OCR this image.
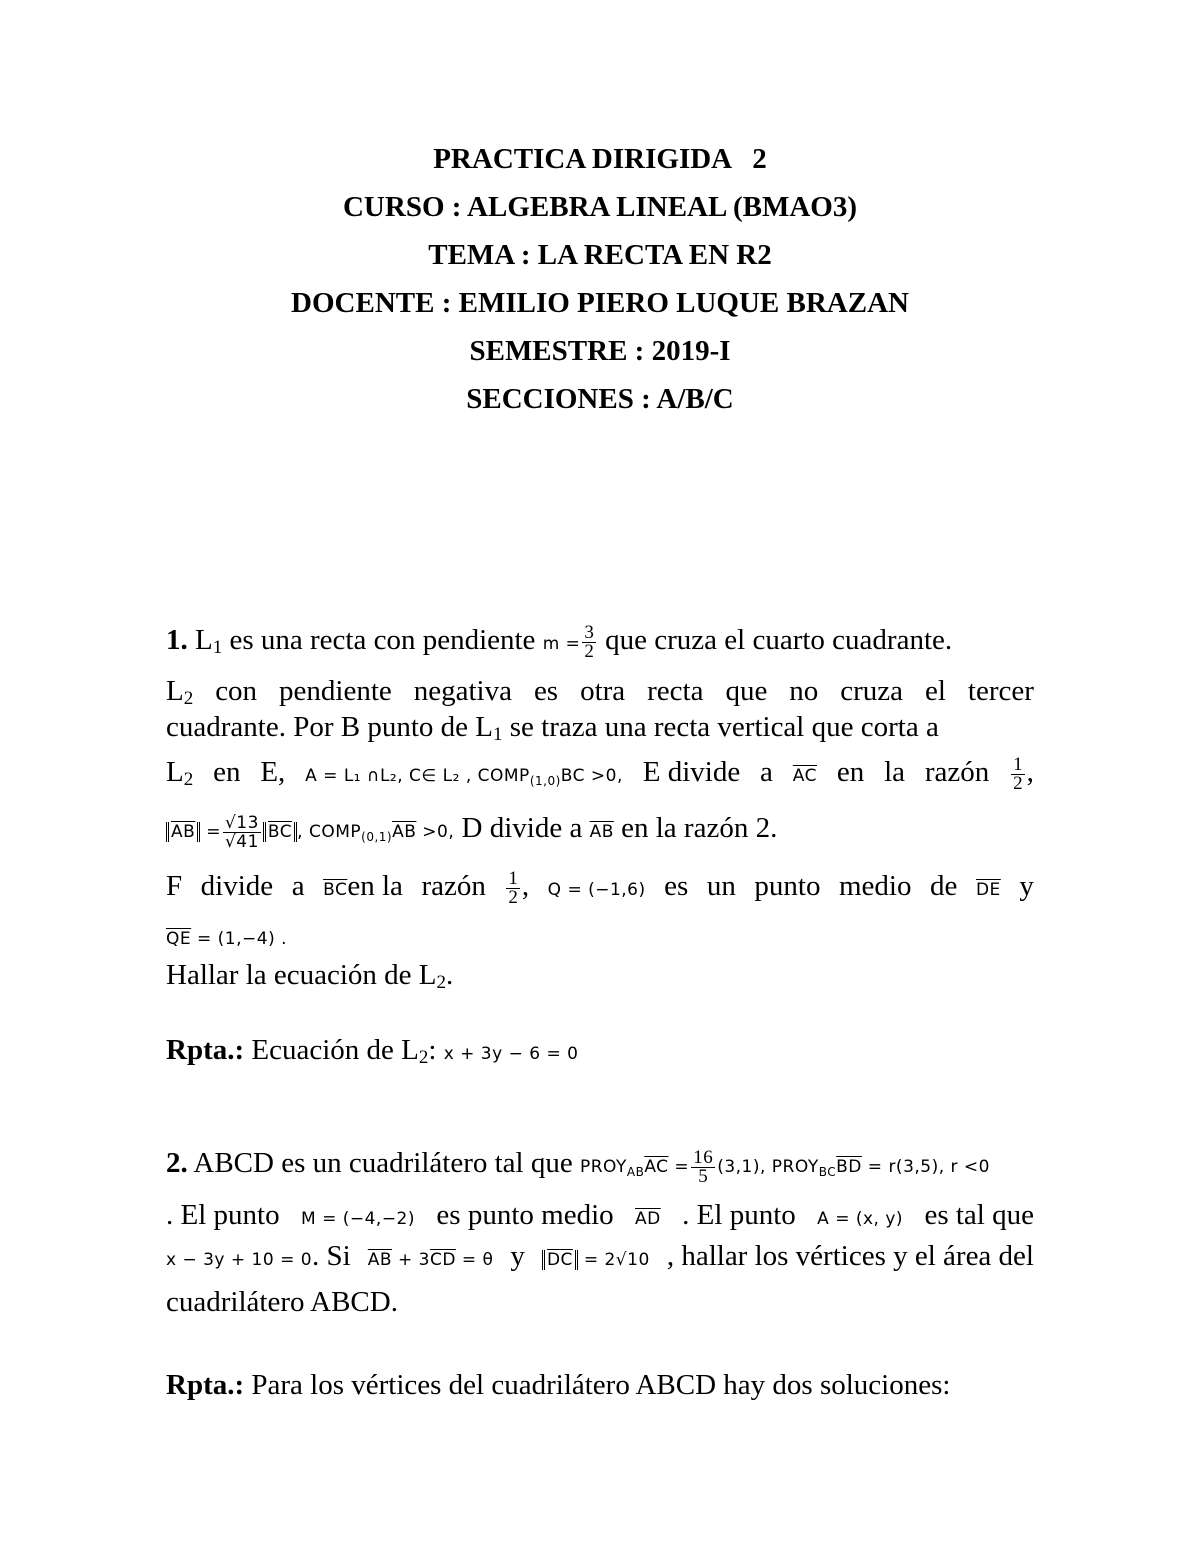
PRACTICA DIRIGIDA   2
CURSO : ALGEBRA LINEAL (BMAO3)
TEMA : LA RECTA EN R2
DOCENTE : EMILIO PIERO LUQUE BRAZAN
SEMESTRE : 2019-I
SECCIONES : A/B/C
1. $L_1$ es una recta con pendiente $m = \frac{3}{2}$ que cruza el cuarto cuadrante.
$L_2$ con pendiente negativa es otra recta que no cruza el tercer
cuadrante. Por B punto de $L_1$ se traza una recta vertical que corta a
$L_2$ en E, A = L₁ ∩L₂, C∈ L₂ , $COMP_{(1,0)}BC >0$, E divide a $\overline{AC}$ en la razón $\frac{1}{2}$ ,
$\overline{AB} = \frac{√13}{√41} \overline{BC}$ , $COMP_{(0,1)}\overline{AB} >0$, D divide a $\overline{AB}$ en la razón 2.
F divide a $\overline{BC}en$ la razón $\frac{1}{2}$ , Q = (−1,6) es un punto medio de $\overline{DE}$ y
$\overline{QE} = (1,-4)$ .
Hallar la ecuación de $L_2$.
Rpta.: Ecuación de $L_2$: x + 3y − 6 = 0
2. ABCD es un cuadrilátero tal que $PROY_{AB}\overline{AC} = \frac{16}{5} (3,1)$, $PROY_{BC}\overline{BD} = r(3,5)$, r <0
. El punto M = (−4,−2) es punto medio $\overline{AD}$ . El punto A = (x, y) es tal que
x − 3y + 10 = 0. Si $\overline{AB} + 3\overline{CD} = \theta$ y $\overline{DC} = 2√10$ , hallar los vértices y el área del
cuadrilátero ABCD.
Rpta.: Para los vértices del cuadrilátero ABCD hay dos soluciones:
